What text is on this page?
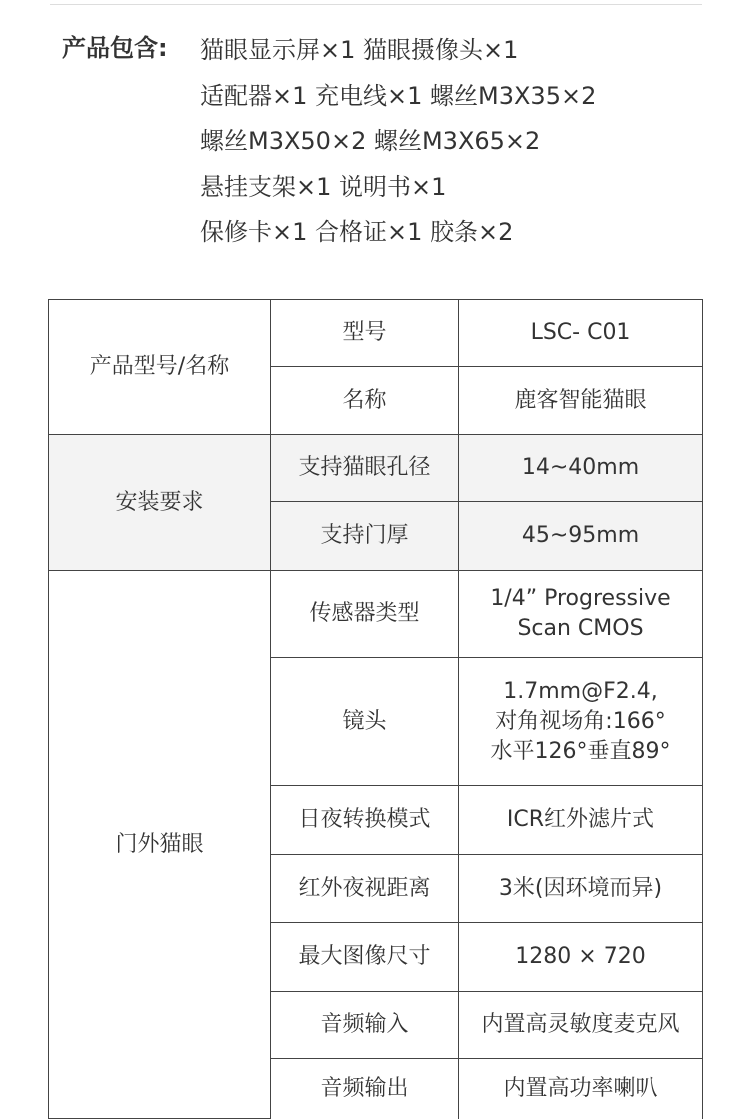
产品包含: 猫眼显示屏×1 猫眼摄像头×1
适配器×1 充电线×1 螺丝M3X35×2
螺丝M3X50×2 螺丝M3X65×2
悬挂支架×1 说明书×1
保修卡×1 合格证×1 胶条×2
产品型号/名称	型号	LSC- C01
	名称	鹿客智能猫眼
安装要求	支持猫眼孔径	14~40mm
	支持门厚	45~95mm
门外猫眼	传感器类型	1/4” Progressive
Scan CMOS
	镜头	1.7mm@F2.4,
对角视场角:166°
水平126°垂直89°
	日夜转换模式	ICR红外滤片式
	红外夜视距离	3米(因环境而异)
	最大图像尺寸	1280 × 720
	音频输入	内置高灵敏度麦克风
	音频输出	内置高功率喇叭
